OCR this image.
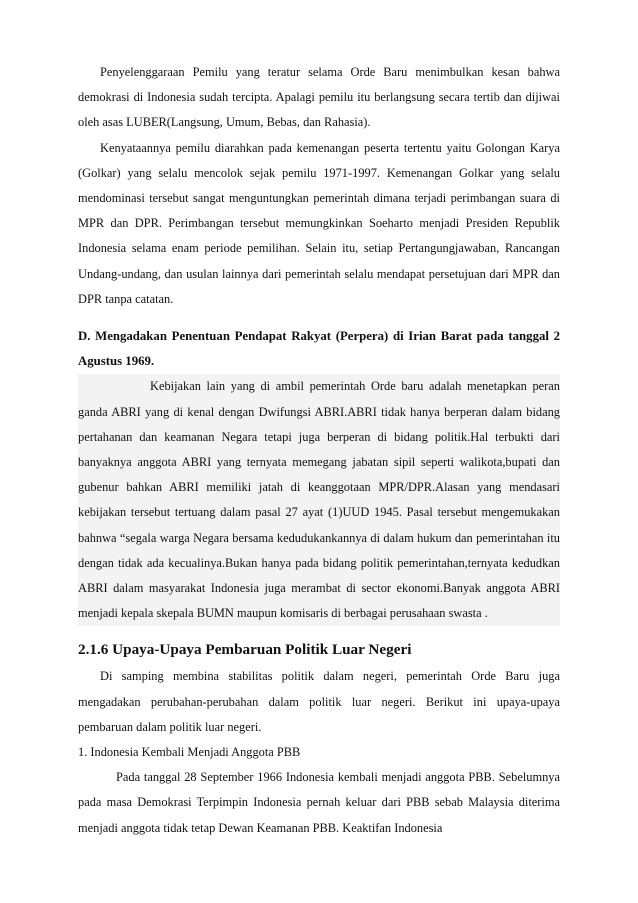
Penyelenggaraan Pemilu yang teratur selama Orde Baru menimbulkan kesan bahwa demokrasi di Indonesia sudah tercipta. Apalagi pemilu itu berlangsung secara tertib dan dijiwai oleh asas LUBER(Langsung, Umum, Bebas, dan Rahasia).

Kenyataannya pemilu diarahkan pada kemenangan peserta tertentu yaitu Golongan Karya (Golkar) yang selalu mencolok sejak pemilu 1971-1997. Kemenangan Golkar yang selalu mendominasi tersebut sangat menguntungkan pemerintah dimana terjadi perimbangan suara di MPR dan DPR. Perimbangan tersebut memungkinkan Soeharto menjadi Presiden Republik Indonesia selama enam periode pemilihan. Selain itu, setiap Pertangungjawaban, Rancangan Undang-undang, dan usulan lainnya dari pemerintah selalu mendapat persetujuan dari MPR dan DPR tanpa catatan.

D. Mengadakan Penentuan Pendapat Rakyat (Perpera) di Irian Barat pada tanggal 2 Agustus 1969.

Kebijakan lain yang di ambil pemerintah Orde baru adalah menetapkan peran ganda ABRI yang di kenal dengan Dwifungsi ABRI.ABRI tidak hanya berperan dalam bidang pertahanan dan keamanan Negara tetapi juga berperan di bidang politik.Hal terbukti dari banyaknya anggota ABRI yang ternyata memegang jabatan sipil seperti walikota,bupati dan gubenur bahkan ABRI memiliki jatah di keanggotaan MPR/DPR.Alasan yang mendasari kebijakan tersebut tertuang dalam pasal 27 ayat (1)UUD 1945. Pasal tersebut mengemukakan bahnwa “segala warga Negara bersama kedudukankannya di dalam hukum dan pemerintahan itu dengan tidak ada kecualinya.Bukan hanya pada bidang politik pemerintahan,ternyata kedudkan ABRI dalam masyarakat Indonesia juga merambat di sector ekonomi.Banyak anggota ABRI menjadi kepala skepala BUMN maupun komisaris di berbagai perusahaan swasta .

2.1.6 Upaya-Upaya Pembaruan Politik Luar Negeri

Di samping membina stabilitas politik dalam negeri, pemerintah Orde Baru juga mengadakan perubahan-perubahan dalam politik luar negeri. Berikut ini upaya-upaya pembaruan dalam politik luar negeri.

1. Indonesia Kembali Menjadi Anggota PBB

Pada tanggal 28 September 1966 Indonesia kembali menjadi anggota PBB. Sebelumnya pada masa Demokrasi Terpimpin Indonesia pernah keluar dari PBB sebab Malaysia diterima menjadi anggota tidak tetap Dewan Keamanan PBB. Keaktifan Indonesia
